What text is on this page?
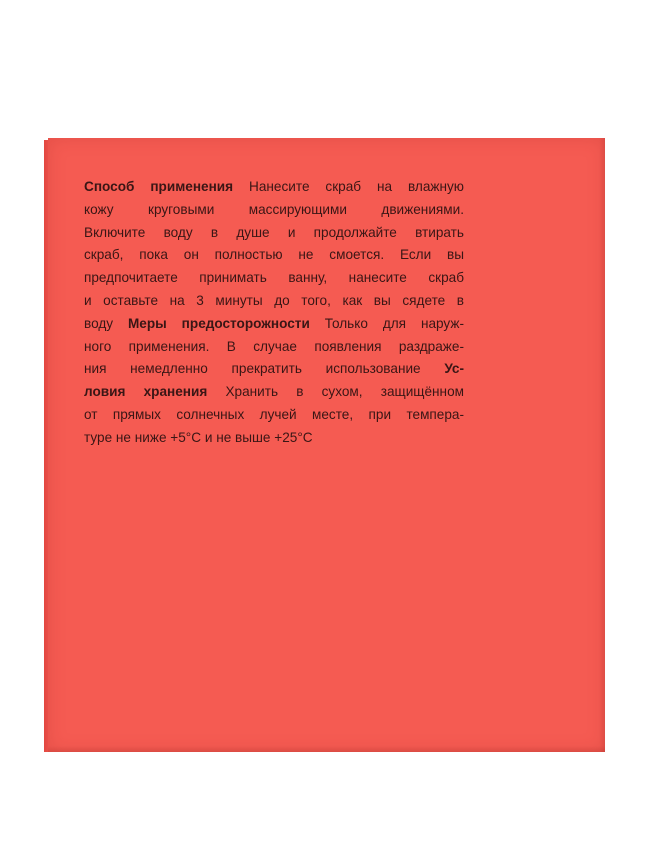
Способ применения Нанесите скраб на влажную
кожу круговыми массирующими движениями.
Включите воду в душе и продолжайте втирать
скраб, пока он полностью не смоется. Если вы
предпочитаете принимать ванну, нанесите скраб
и оставьте на 3 минуты до того, как вы сядете в
воду Меры предосторожности Только для наруж-
ного применения. В случае появления раздраже-
ния немедленно прекратить использование Ус-
ловия хранения Хранить в сухом, защищённом
от прямых солнечных лучей месте, при темпера-
туре не ниже +5°C и не выше +25°C
